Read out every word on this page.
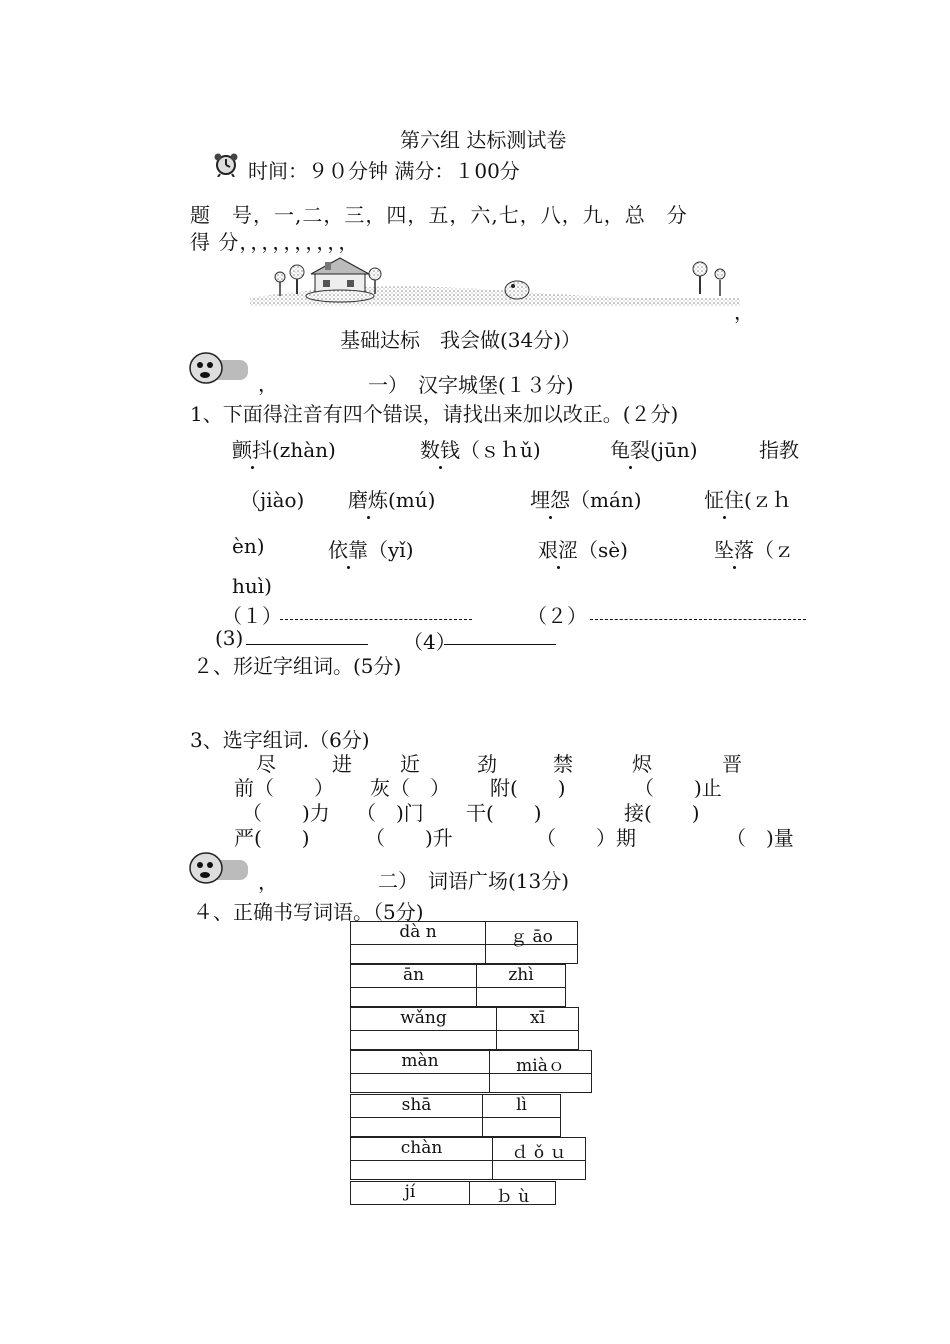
第六组 达标测试卷
时间：９０分钟 满分：１00分
题　号，一,二，三，四，五，六,七，八，九，总　分
得 分，，，，，，，，，，
，
基础达标　我会做(34分)）
，	一）　汉字城堡(１３分)
1、下面得注音有四个错误，请找出来加以改正。(２分)
颤抖(zhàn)	数钱（ｓｈǔ)	龟裂(jūn)	指教
（jiào) 磨炼(mú)	埋怨（mán)	怔住(ｚｈ
èn)	依靠（yǐ)	艰涩（sè)	坠落（ｚ
huì)
（１）	（２）
(3)	（4）
２、形近字组词。(5分)
3、选字组词.（6分)
尽	进 近	劲	禁	烬	晋
前（　　） 灰（　） 附(　　)	（　　)止
（　　)力 （　)门 干(　　)	接(　　)
严(　　)	（　　)升	（　　）期	（　)量
，	二）　词语广场(13分)
４、正确书写词语。（5分)
dà n	ｇ āo
ān	zhì
wǎng	xī
màn	miàｏ
shā	lì
chàn	ｄ ǒ ｕ
jí	ｂ ù
